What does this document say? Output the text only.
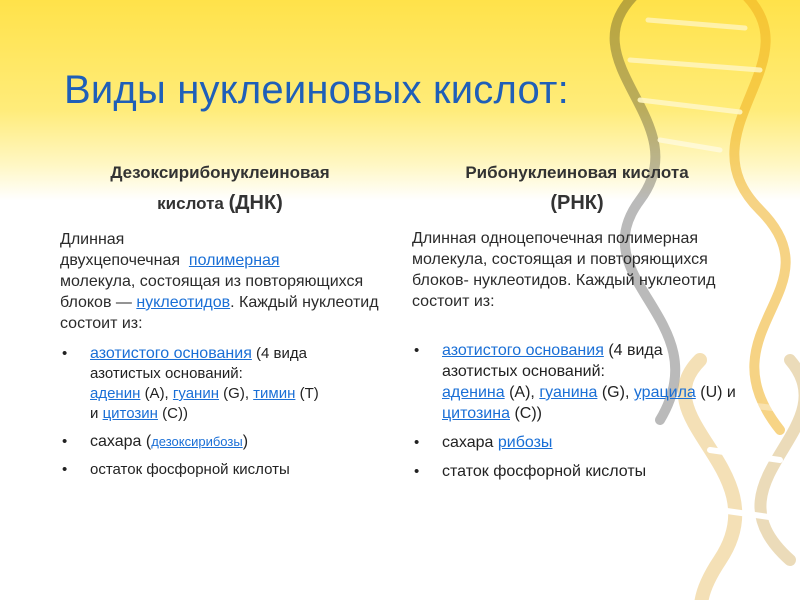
Виды нуклеиновых кислот:
Дезоксирибонуклеиновая
кислота (ДНК)
Длинная
двухцепочечная полимерная
молекула, состоящая из повторяющихся
блоков — нуклеотидов. Каждый нуклеотид состоит из:
• азотистого основания (4 вида азотистых оснований:
аденин (A), гуанин (G), тимин (T)
и цитозин (C))
• сахара (дезоксирибозы)
• остаток фосфорной кислоты
Рибонуклеиновая кислота
(РНК)
Длинная одноцепочечная полимерная молекула, состоящая и повторяющихся блоков- нуклеотидов. Каждый нуклеотид состоит из:
• азотистого основания (4 вида азотистых оснований:
аденина (A), гуанина (G), урацила (U) и цитозина (C))
• сахара рибозы
• статок фосфорной кислоты
